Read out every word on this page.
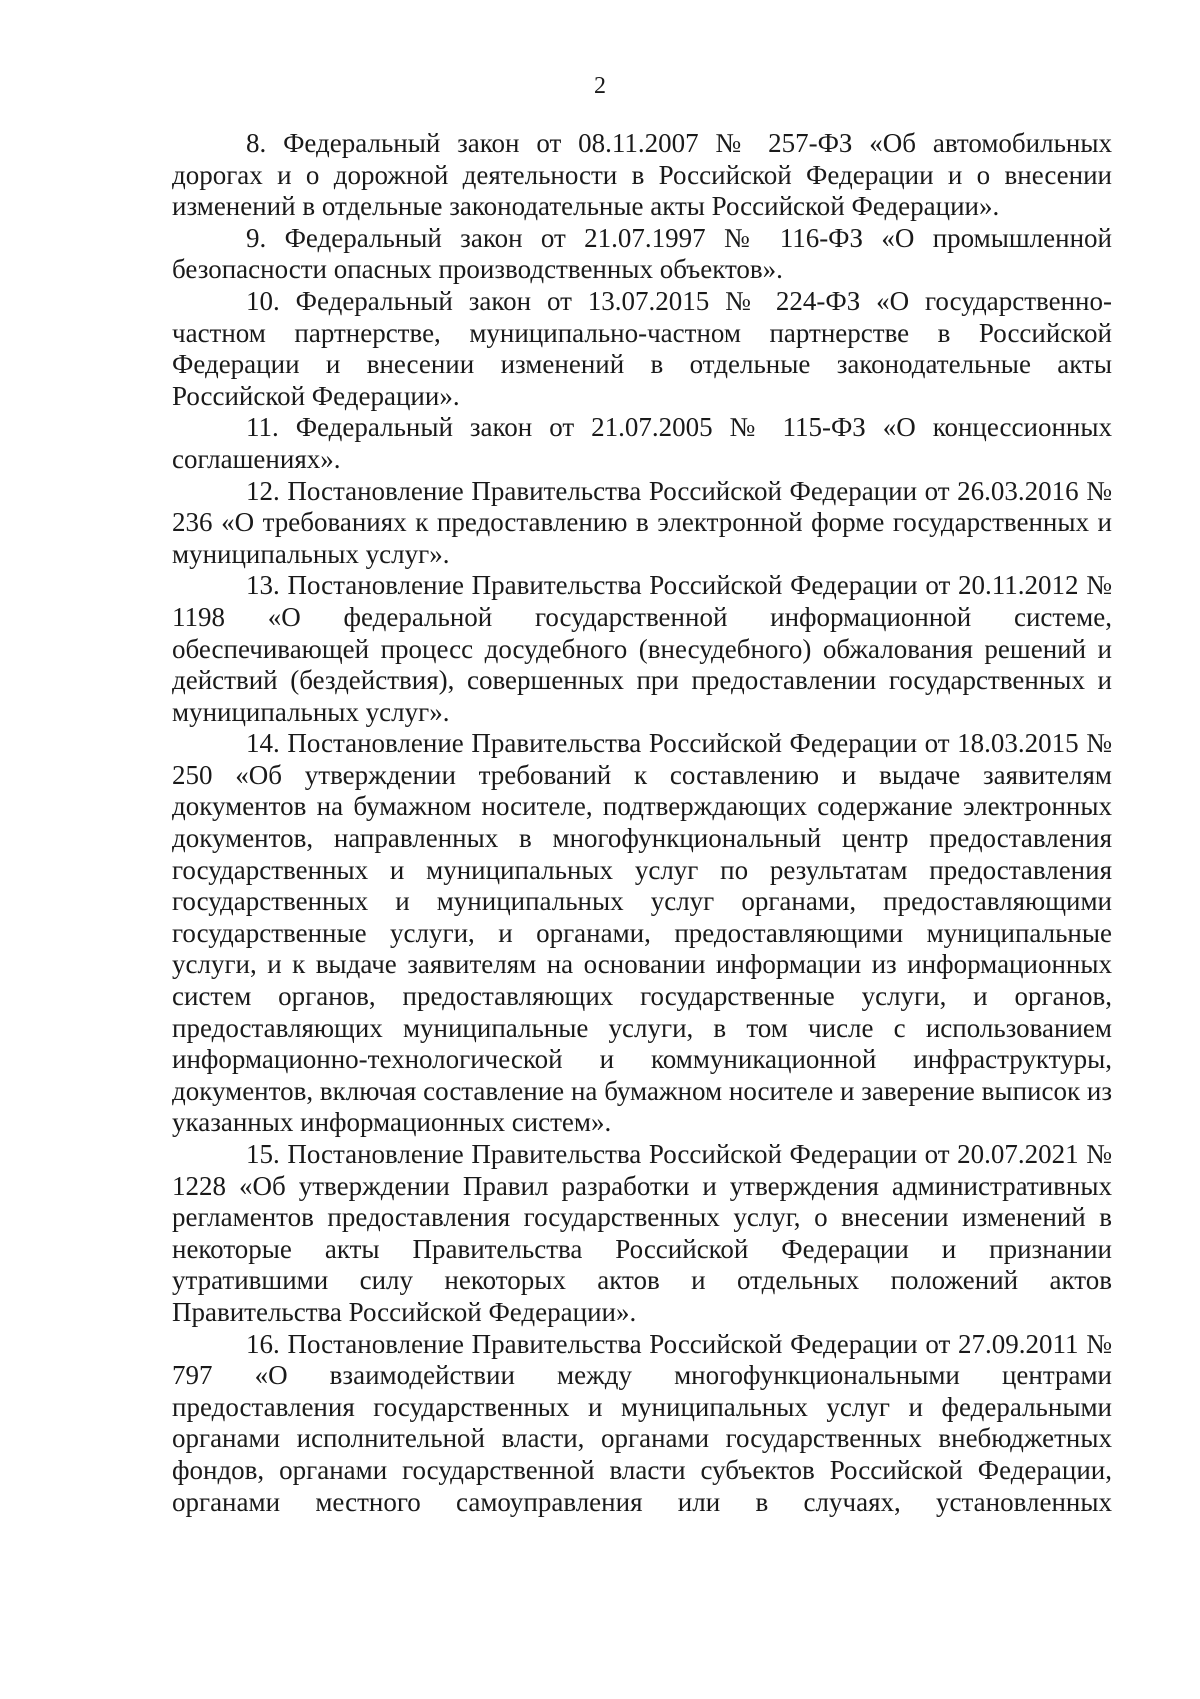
2

8. Федеральный закон от 08.11.2007 № 257-ФЗ «Об автомобильных дорогах и о дорожной деятельности в Российской Федерации и о внесении изменений в отдельные законодательные акты Российской Федерации».

9. Федеральный закон от 21.07.1997 № 116-ФЗ «О промышленной безопасности опасных производственных объектов».

10. Федеральный закон от 13.07.2015 № 224-ФЗ «О государственно-частном партнерстве, муниципально-частном партнерстве в Российской Федерации и внесении изменений в отдельные законодательные акты Российской Федерации».

11. Федеральный закон от 21.07.2005 № 115-ФЗ «О концессионных соглашениях».

12. Постановление Правительства Российской Федерации от 26.03.2016 № 236 «О требованиях к предоставлению в электронной форме государственных и муниципальных услуг».

13. Постановление Правительства Российской Федерации от 20.11.2012 № 1198 «О федеральной государственной информационной системе, обеспечивающей процесс досудебного (внесудебного) обжалования решений и действий (бездействия), совершенных при предоставлении государственных и муниципальных услуг».

14. Постановление Правительства Российской Федерации от 18.03.2015 № 250 «Об утверждении требований к составлению и выдаче заявителям документов на бумажном носителе, подтверждающих содержание электронных документов, направленных в многофункциональный центр предоставления государственных и муниципальных услуг по результатам предоставления государственных и муниципальных услуг органами, предоставляющими государственные услуги, и органами, предоставляющими муниципальные услуги, и к выдаче заявителям на основании информации из информационных систем органов, предоставляющих государственные услуги, и органов, предоставляющих муниципальные услуги, в том числе с использованием информационно-технологической и коммуникационной инфраструктуры, документов, включая составление на бумажном носителе и заверение выписок из указанных информационных систем».

15. Постановление Правительства Российской Федерации от 20.07.2021 № 1228 «Об утверждении Правил разработки и утверждения административных регламентов предоставления государственных услуг, о внесении изменений в некоторые акты Правительства Российской Федерации и признании утратившими силу некоторых актов и отдельных положений актов Правительства Российской Федерации».

16. Постановление Правительства Российской Федерации от 27.09.2011 № 797 «О взаимодействии между многофункциональными центрами предоставления государственных и муниципальных услуг и федеральными органами исполнительной власти, органами государственных внебюджетных фондов, органами государственной власти субъектов Российской Федерации, органами местного самоуправления или в случаях, установленных
